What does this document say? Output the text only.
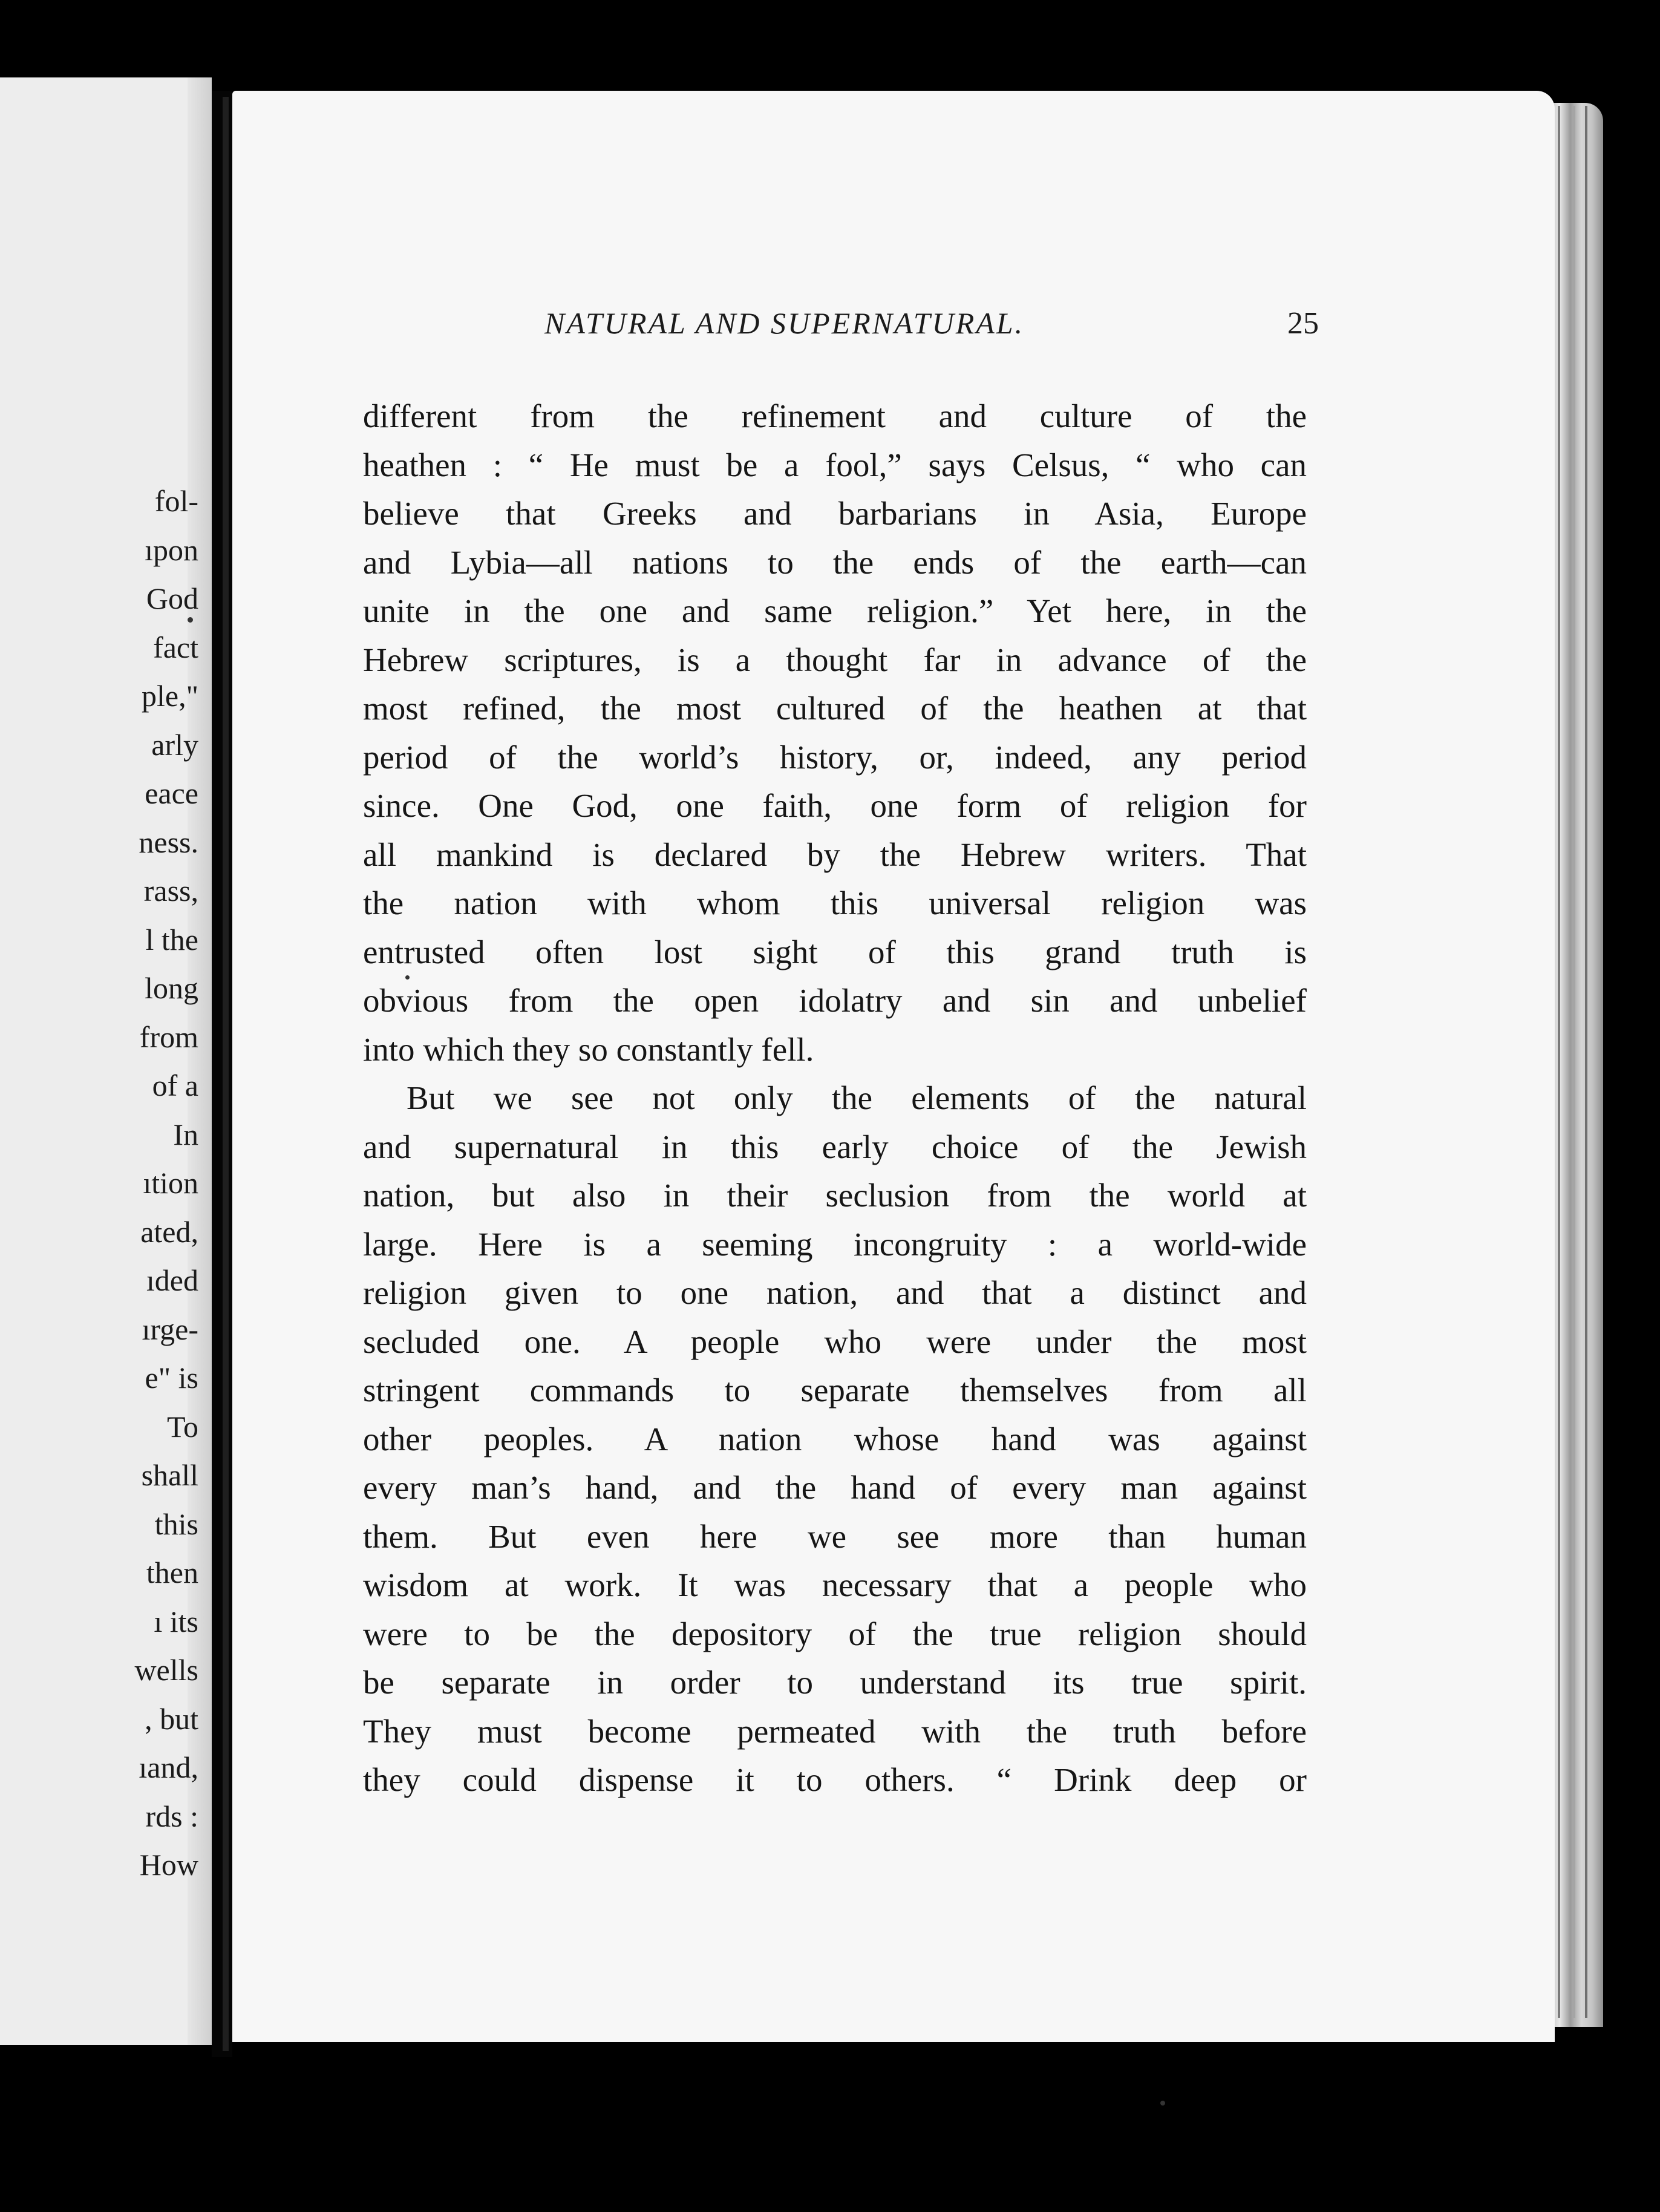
fol-
ıpon
God
fact
ple,"
arly
eace
ness.
rass,
l the
long
from
of a
In
ıtion
ated,
ıded
ırge-
e" is
To
shall
this
then
ı its
wells
, but
ıand,
rds :
How
NATURAL AND SUPERNATURAL.	25
different from the refinement and culture of the
heathen : “ He must be a fool,” says Celsus, “ who can
believe that Greeks and barbarians in Asia, Europe
and Lybia—all nations to the ends of the earth—can
unite in the one and same religion.” Yet here, in the
Hebrew scriptures, is a thought far in advance of the
most refined, the most cultured of the heathen at that
period of the world’s history, or, indeed, any period
since. One God, one faith, one form of religion for
all mankind is declared by the Hebrew writers. That
the nation with whom this universal religion was
entrusted often lost sight of this grand truth is
obvious from the open idolatry and sin and unbelief
into which they so constantly fell.
But we see not only the elements of the natural
and supernatural in this early choice of the Jewish
nation, but also in their seclusion from the world at
large. Here is a seeming incongruity : a world-wide
religion given to one nation, and that a distinct and
secluded one. A people who were under the most
stringent commands to separate themselves from all
other peoples. A nation whose hand was against
every man’s hand, and the hand of every man against
them. But even here we see more than human
wisdom at work. It was necessary that a people who
were to be the depository of the true religion should
be separate in order to understand its true spirit.
They must become permeated with the truth before
they could dispense it to others. “ Drink deep or
